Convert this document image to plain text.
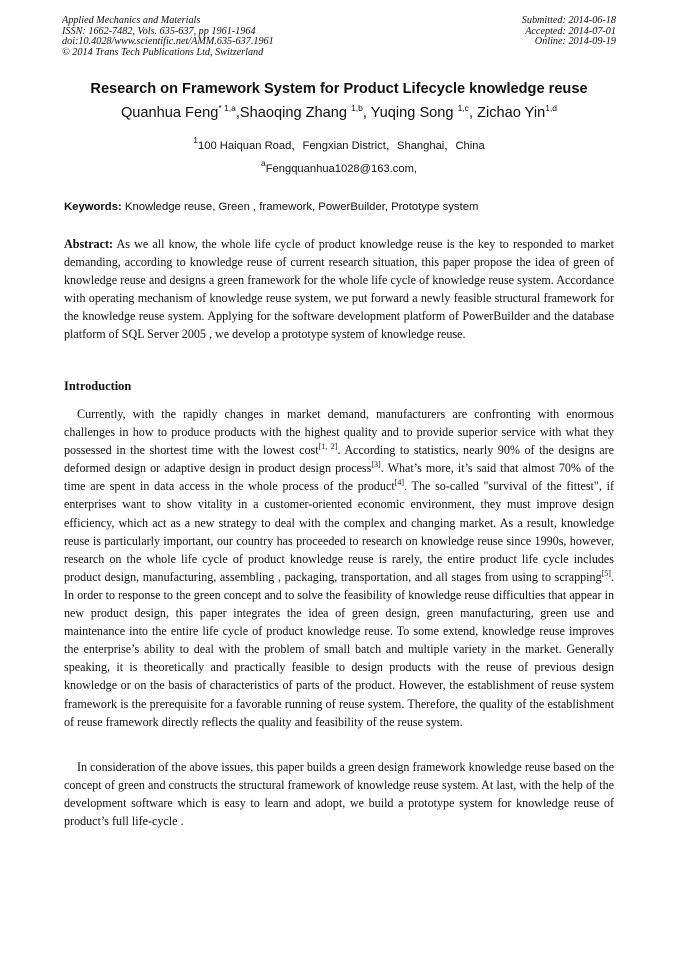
Applied Mechanics and Materials	Submitted: 2014-06-18
ISSN: 1662-7482, Vols. 635-637, pp 1961-1964	Accepted: 2014-07-01
doi:10.4028/www.scientific.net/AMM.635-637.1961	Online: 2014-09-19
© 2014 Trans Tech Publications Ltd, Switzerland
Research on Framework System for Product Lifecycle knowledge reuse
Quanhua Feng$^{* 1,a}$,Shaoqing Zhang $^{1,b}$, Yuqing Song $^{1,c}$, Zichao Yin$^{1,d}$
$^1$100 Haiquan Road，Fengxian District，Shanghai，China
$^a$Fengquanhua1028@163.com,
Keywords: Knowledge reuse, Green , framework, PowerBuilder, Prototype system

Abstract: As we all know, the whole life cycle of product knowledge reuse is the key to responded to market demanding, according to knowledge reuse of current research situation, this paper propose the idea of green of knowledge reuse and designs a green framework for the whole life cycle of knowledge reuse system. Accordance with operating mechanism of knowledge reuse system, we put forward a newly feasible structural framework for the knowledge reuse system. Applying for the software development platform of PowerBuilder and the database platform of SQL Server 2005 , we develop a prototype system of knowledge reuse.

Introduction

Currently, with the rapidly changes in market demand, manufacturers are confronting with enormous challenges in how to produce products with the highest quality and to provide superior service with what they possessed in the shortest time with the lowest cost[1, 2]. According to statistics, nearly 90% of the designs are deformed design or adaptive design in product design process[3]. What’s more, it’s said that almost 70% of the time are spent in data access in the whole process of the product[4]. The so-called "survival of the fittest", if enterprises want to show vitality in a customer-oriented economic environment, they must improve design efficiency, which act as a new strategy to deal with the complex and changing market. As a result, knowledge reuse is particularly important, our country has proceeded to research on knowledge reuse since 1990s, however, research on the whole life cycle of product knowledge reuse is rarely, the entire product life cycle includes product design, manufacturing, assembling , packaging, transportation, and all stages from using to scrapping[5]. In order to response to the green concept and to solve the feasibility of knowledge reuse difficulties that appear in new product design, this paper integrates the idea of green design, green manufacturing, green use and maintenance into the entire life cycle of product knowledge reuse. To some extend, knowledge reuse improves the enterprise’s ability to deal with the problem of small batch and multiple variety in the market. Generally speaking, it is theoretically and practically feasible to design products with the reuse of previous design knowledge or on the basis of characteristics of parts of the product. However, the establishment of reuse system framework is the prerequisite for a favorable running of reuse system. Therefore, the quality of the establishment of reuse framework directly reflects the quality and feasibility of the reuse system.

In consideration of the above issues, this paper builds a green design framework knowledge reuse based on the concept of green and constructs the structural framework of knowledge reuse system. At last, with the help of the development software which is easy to learn and adopt, we build a prototype system for knowledge reuse of product’s full life-cycle .
